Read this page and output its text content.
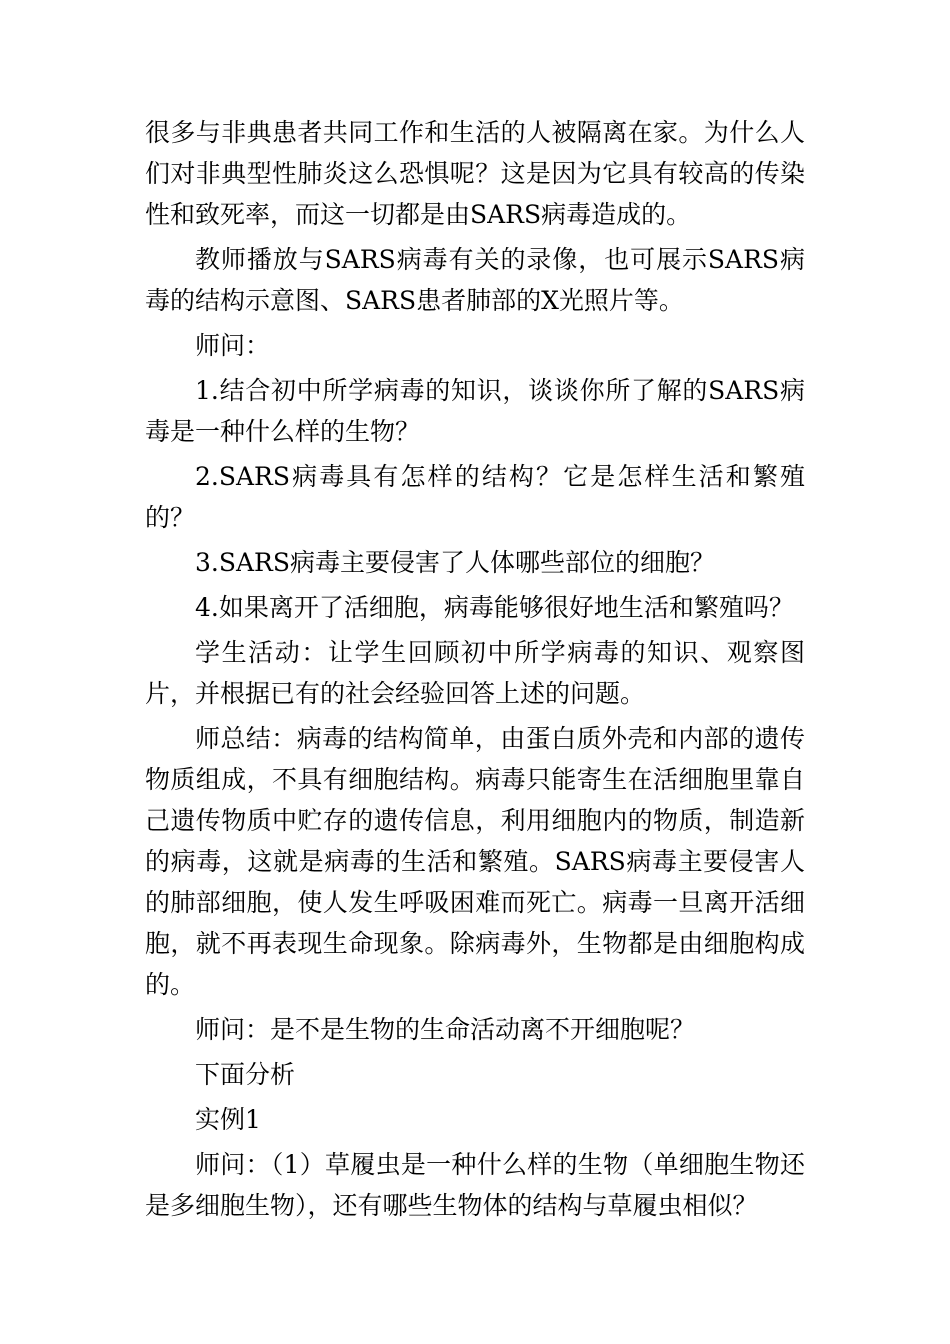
很多与非典患者共同工作和生活的人被隔离在家。为什么人们对非典型性肺炎这么恐惧呢？这是因为它具有较高的传染性和致死率，而这一切都是由SARS病毒造成的。

教师播放与SARS病毒有关的录像，也可展示SARS病毒的结构示意图、SARS患者肺部的X光照片等。

师问：

1.结合初中所学病毒的知识，谈谈你所了解的SARS病毒是一种什么样的生物？

2.SARS病毒具有怎样的结构？它是怎样生活和繁殖的？

3.SARS病毒主要侵害了人体哪些部位的细胞？

4.如果离开了活细胞，病毒能够很好地生活和繁殖吗？

学生活动：让学生回顾初中所学病毒的知识、观察图片，并根据已有的社会经验回答上述的问题。

师总结：病毒的结构简单，由蛋白质外壳和内部的遗传物质组成，不具有细胞结构。病毒只能寄生在活细胞里靠自己遗传物质中贮存的遗传信息，利用细胞内的物质，制造新的病毒，这就是病毒的生活和繁殖。SARS病毒主要侵害人的肺部细胞，使人发生呼吸困难而死亡。病毒一旦离开活细胞，就不再表现生命现象。除病毒外，生物都是由细胞构成的。

师问：是不是生物的生命活动离不开细胞呢？

下面分析

实例1

师问：（1）草履虫是一种什么样的生物（单细胞生物还是多细胞生物），还有哪些生物体的结构与草履虫相似？
